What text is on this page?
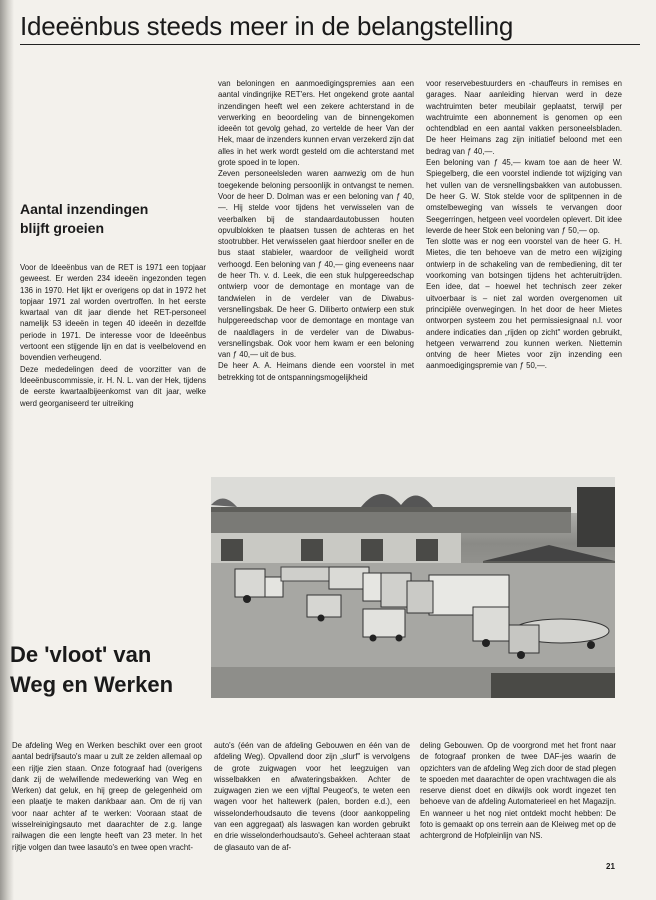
Ideeënbus steeds meer in de belangstelling
Aantal inzendingen
blijft groeien

Voor de Ideeënbus van de RET is 1971 een topjaar geweest. Er werden 234 ideeën ingezonden tegen 136 in 1970. Het lijkt er overigens op dat in 1972 het topjaar 1971 zal worden overtroffen. In het eerste kwartaal van dit jaar diende het RET-personeel namelijk 53 ideeën in tegen 40 ideeën in dezelfde periode in 1971. De interesse voor de Ideeënbus vertoont een stijgende lijn en dat is veelbelovend en bovendien verheugend.

Deze mededelingen deed de voorzitter van de Ideeënbuscommissie, ir. H. N. L. van der Hek, tijdens de eerste kwartaalbijeenkomst van dit jaar, welke werd georganiseerd ter uitreiking

van beloningen en aanmoedigingspremies aan een aantal vindingrijke RET'ers. Het ongekend grote aantal inzendingen heeft wel een zekere achterstand in de verwerking en beoordeling van de binnengekomen ideeën tot gevolg gehad, zo vertelde de heer Van der Hek, maar de inzenders kunnen ervan verzekerd zijn dat alles in het werk wordt gesteld om die achterstand met grote spoed in te lopen.

Zeven personeelsleden waren aanwezig om de hun toegekende beloning persoonlijk in ontvangst te nemen. Voor de heer D. Dolman was er een beloning van ƒ 40,—. Hij stelde voor tijdens het verwisselen van de veerbalken bij de standaardautobussen houten opvulblokken te plaatsen tussen de achteras en het stootrubber. Het verwisselen gaat hierdoor sneller en de bus staat stabieler, waardoor de veiligheid wordt verhoogd. Een beloning van ƒ 40,— ging eveneens naar de heer Th. v. d. Leek, die een stuk hulpgereedschap ontwierp voor de demontage en montage van de tandwielen in de verdeler van de Diwabus-versnellingsbak. De heer G. Diliberto ontwierp een stuk hulpgereedschap voor de demontage en montage van de naaldlagers in de verdeler van de Diwabus-versnellingsbak. Ook voor hem kwam er een beloning van ƒ 40,— uit de bus.

De heer A. A. Heimans diende een voorstel in met betrekking tot de ontspanningsmogelijkheid

voor reservebestuurders en -chauffeurs in remises en garages. Naar aanleiding hiervan werd in deze wachtruimten beter meubilair geplaatst, terwijl per wachtruimte een abonnement is genomen op een ochtendblad en een aantal vakken personeelsbladen. De heer Heimans zag zijn initiatief beloond met een bedrag van ƒ 40,—.

Een beloning van ƒ 45,— kwam toe aan de heer W. Spiegelberg, die een voorstel indiende tot wijziging van het vullen van de versnellingsbakken van autobussen. De heer G. W. Stok stelde voor de splitpennen in de omstelbeweging van wissels te vervangen door Seegerringen, hetgeen veel voordelen oplevert. Dit idee leverde de heer Stok een beloning van ƒ 50,— op.

Ten slotte was er nog een voorstel van de heer G. H. Mietes, die ten behoeve van de metro een wijziging ontwierp in de schakeling van de rembediening, dit ter voorkoming van botsingen tijdens het achteruitrijden. Een idee, dat – hoewel het technisch zeer zeker uitvoerbaar is – niet zal worden overgenomen uit principiële overwegingen. In het door de heer Mietes ontworpen systeem zou het permissiesignaal n.l. voor andere indicaties dan „rijden op zicht" worden gebruikt, hetgeen verwarrend zou kunnen werken. Niettemin ontving de heer Mietes voor zijn inzending een aanmoedigingspremie van ƒ 50,—.

De 'vloot' van
Weg en Werken

De afdeling Weg en Werken beschikt over een groot aantal bedrijfsauto's maar u zult ze zelden allemaal op een rijtje zien staan. Onze fotograaf had (overigens dank zij de welwillende medewerking van Weg en Werken) dat geluk, en hij greep de gelegenheid om een plaatje te maken dankbaar aan. Om de rij van voor naar achter af te werken: Vooraan staat de wisselreinigingsauto met daarachter de z.g. lange railwagen die een lengte heeft van 23 meter. In het rijtje volgen dan twee lasauto's en twee open vracht-

auto's (één van de afdeling Gebouwen en één van de afdeling Weg). Opvallend door zijn „slurf" is vervolgens de grote zuigwagen voor het leegzuigen van wisselbakken en afwateringsbakken. Achter de zuigwagen zien we een vijftal Peugeot's, te weten een wagen voor het haltewerk (palen, borden e.d.), een wisselonderhoudsauto die tevens (door aankoppeling van een aggregaat) als laswagen kan worden gebruikt en drie wisselonderhoudsauto's. Geheel achteraan staat de glasauto van de af-

deling Gebouwen. Op de voorgrond met het front naar de fotograaf pronken de twee DAF-jes waarin de opzichters van de afdeling Weg zich door de stad plegen te spoeden met daarachter de open vrachtwagen die als reserve dienst doet en dikwijls ook wordt ingezet ten behoeve van de afdeling Automaterieel en het Magazijn. En wanneer u het nog niet ontdekt mocht hebben: De foto is gemaakt op ons terrein aan de Kleiweg met op de achtergrond de Hofpleinlijn van NS.

21
